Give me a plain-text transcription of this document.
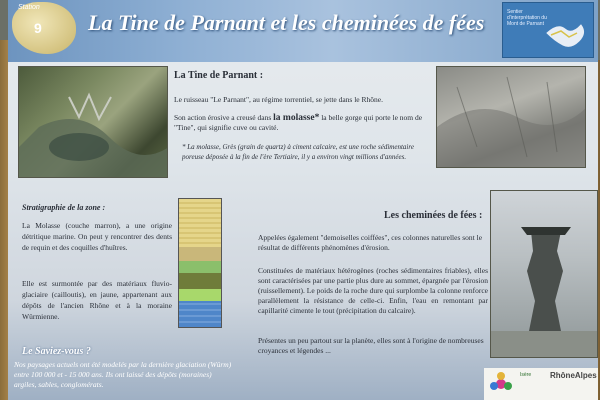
Station
9 La Tine de Parnant et les cheminées de fées	Sentier d'interprétation du Mont de Parnant
La Tine de Parnant :
Le ruisseau "Le Parnant", au régime torrentiel, se jette dans le Rhône.
Son action érosive a creusé dans la molasse* la belle gorge qui porte le nom de "Tine", qui signifie cuve ou cavité.
* La molasse, Grès (grain de quartz) à ciment calcaire, est une roche sédimentaire poreuse déposée à la fin de l'ère Tertiaire, il y a environ vingt millions d'années.
Stratigraphie de la zone :
La Molasse (couche marron), a une origine détritique marine. On peut y rencontrer des dents de requin et des coquilles d'huîtres.
Elle est surmontée par des matériaux fluvio-glaciaire (cailloutis), en jaune, appartenant aux dépôts de l'ancien Rhône et à la moraine Würmienne.
Les cheminées de fées :
Appelées également "demoiselles coiffées", ces colonnes naturelles sont le résultat de différents phénomènes d'érosion.
Constituées de matériaux hétérogènes (roches sédimentaires friables), elles sont caractérisées par une partie plus dure au sommet, épargnée par l'érosion (ruissellement). Le poids de la roche dure qui surplombe la colonne renforce parallèlement la résistance de celle-ci. Enfin, l'eau en remontant par capillarité cimente le tout (précipitation du calcaire).
Présentes un peu partout sur la planète, elles sont à l'origine de nombreuses croyances et légendes ...
Le Saviez-vous ?
Nos paysages actuels ont été modelés par la dernière glaciation (Würm) entre 100 000 et - 15 000 ans. Ils ont laissé des dépôts (moraines) argiles, sables, conglomérats.
Isère RhôneAlpes
